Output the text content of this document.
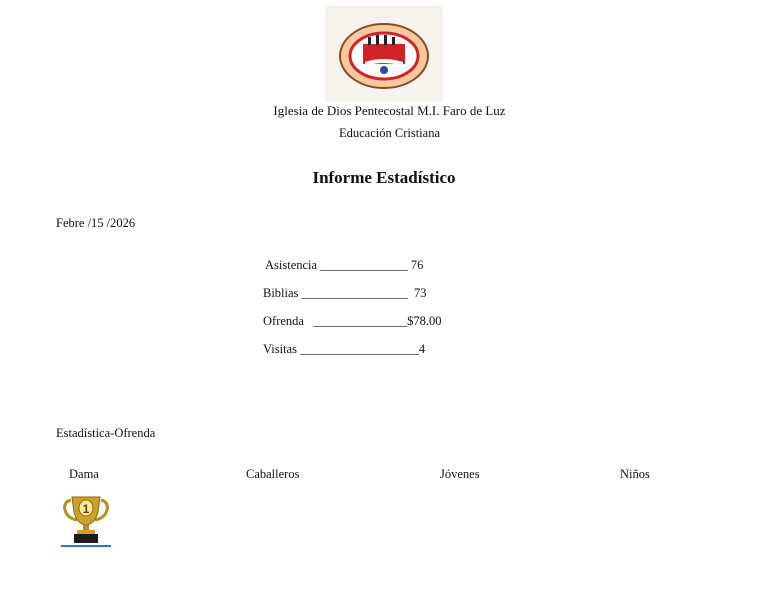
Iglesia de Dios Pentecostal M.I. Faro de Luz
Educación Cristiana
Informe Estadístico
Febre /15 /2026
Asistencia ______________ 76
Biblias _________________  73
Ofrenda   _______________$78.00
Visitas ___________________4
Estadística-Ofrenda
Dama	Caballeros	Jóvenes	Niños
1
